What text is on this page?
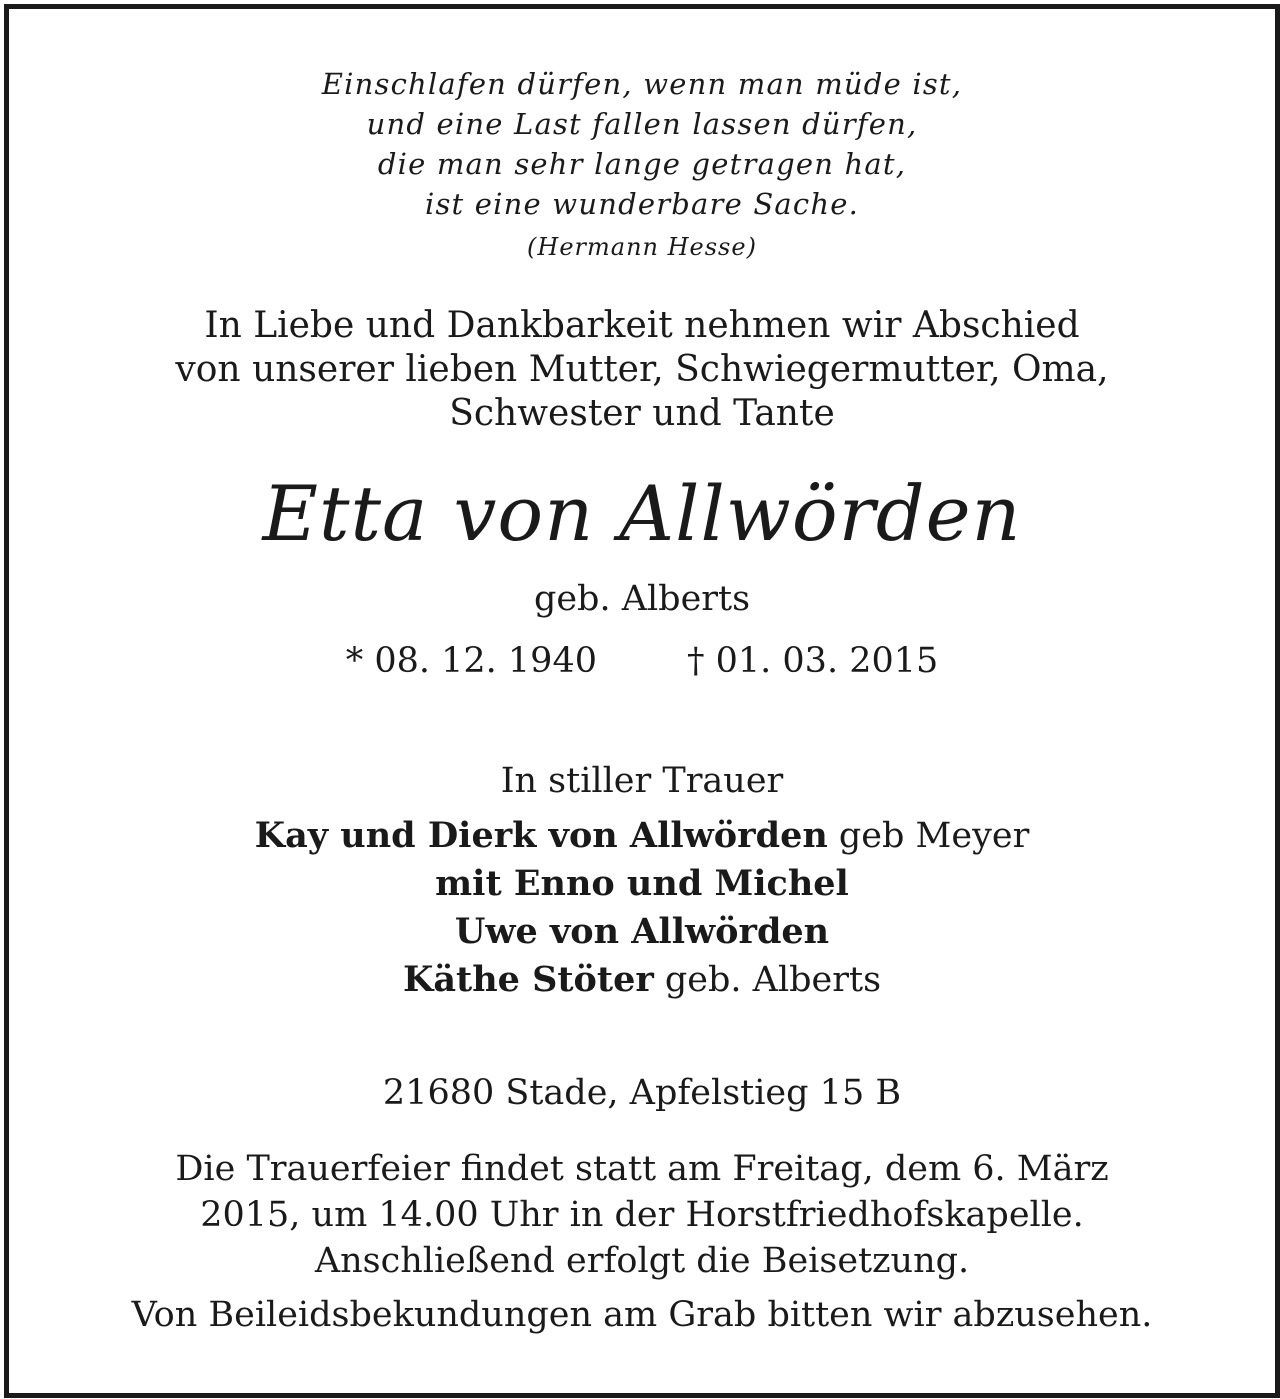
Einschlafen dürfen, wenn man müde ist,
und eine Last fallen lassen dürfen,
die man sehr lange getragen hat,
ist eine wunderbare Sache.
(Hermann Hesse)
In Liebe und Dankbarkeit nehmen wir Abschied
von unserer lieben Mutter, Schwiegermutter, Oma,
Schwester und Tante
Etta von Allwörden
geb. Alberts
* 08. 12. 1940	† 01. 03. 2015
In stiller Trauer
Kay und Dierk von Allwörden geb Meyer
mit Enno und Michel
Uwe von Allwörden
Käthe Stöter geb. Alberts
21680 Stade, Apfelstieg 15 B
Die Trauerfeier findet statt am Freitag, dem 6. März
2015, um 14.00 Uhr in der Horstfriedhofskapelle.
Anschließend erfolgt die Beisetzung.
Von Beileidsbekundungen am Grab bitten wir abzusehen.
